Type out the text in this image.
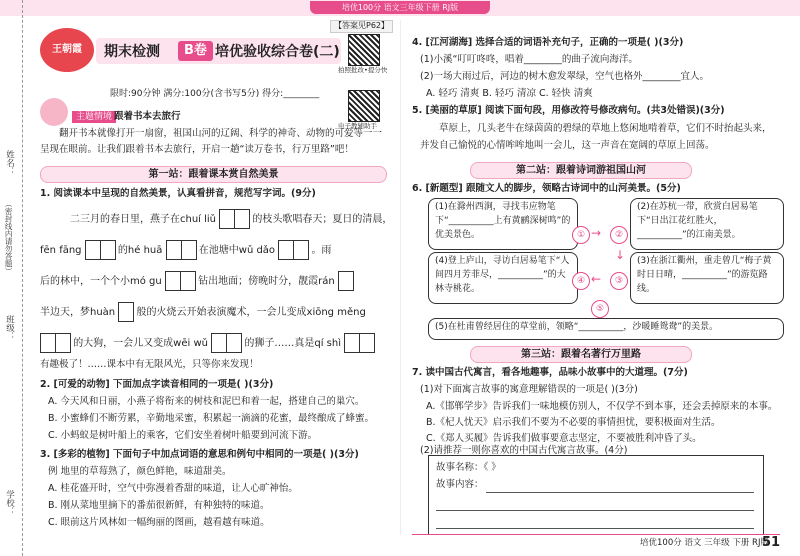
培优100分 语文三年级下册 RJ版
姓名：
（密封线内请勿答题）
班级：
学校：
【答案见P62】
王朝霞	期末检测	B卷 培优验收综合卷(二)
拍照批改•提分快
电子教辅助手
限时:90分钟 满分:100分(含书写5分) 得分:________
主题情境 跟着书本去旅行
翻开书本就像打开一扇窗，祖国山河的辽阔、科学的神奇、动物的可爱等一一呈现在眼前。让我们跟着书本去旅行，开启一趟“读万卷书，行万里路”吧！
第一站：跟着课本赏自然美景
1. 阅读课本中呈现的自然美景，认真看拼音，规范写字词。(9分)
二三月的春日里，燕子在chuí liǔ	的枝头歌唱春天；夏日的清晨，
fēn fāng	的hé huā	在池塘中wǔ dǎo	。雨
后的林中，一个个小mó gu	钻出地面；傍晚时分，靓霞rán
半边天，梦huàn 般的火烧云开始表演魔术，一会儿变成xiōng měng
的大狗，一会儿又变成wēi wǔ	的狮子……真是qí shì
有趣极了！……课本中有无限风光，只等你来发现！
2. [可爱的动物] 下面加点字读音相同的一项是( )(3分)
A. 今天风和日丽，小燕子将衔来的树枝和泥巴和着一起，搭建自己的巢穴。
B. 小蜜蜂们不断劳累，辛勤地采蜜，积累起一滴滴的花蜜，最终酿成了蜂蜜。
C. 小蚂蚁是树叶船上的乘客，它们安坐着树叶船要到河流下游。
3. [多彩的植物] 下面句子中加点词语的意思和例句中相同的一项是( )(3分)
例 地里的草莓熟了，颜色鲜艳，味道甜美。
A. 桂花盛开时，空气中弥漫着香甜的味道，让人心旷神怡。
B. 刚从菜地里摘下的番茄很新鲜，有种独特的味道。
C. 眼前这片风林如一幅绚丽的图画，越看越有味道。
4. [江河湖海] 选择合适的词语补充句子，正确的一项是( )(3分)
(1)小溪“叮叮咚咚，唱着________的曲子流向海洋。
(2)一场大雨过后，河边的树木愈发翠绿，空气也格外________宜人。
A. 轻巧 清爽 B. 轻巧 清凉 C. 轻快 清爽
5. [美丽的草原] 阅读下面句段，用修改符号修改病句。(共3处错误)(3分)
草原上，几头老牛在绿茵茵的碧绿的草地上悠闲地啃着草，它们不时抬起头来，并发自己愉悦的心情哞哞地叫一会儿，这一声音在宽阔的草原上回荡。
第二站：跟着诗词游祖国山河
6. [新题型] 跟随文人的脚步，领略古诗词中的山河美景。(5分)
(1)在滁州西涧，寻找韦应物笔下“__________上有黄鹂深树鸣”的优美景色。
(2)在苏杭一带，欣赏白居易笔下“日出江花红胜火，__________”的江南美景。
(4)登上庐山，寻访白居易笔下“人间四月芳菲尽，__________”的大林寺桃花。
(3)在浙江衢州，重走曾几“梅子黄时日日晴，__________”的游览路线。
(5)在杜甫曾经居住的草堂前，领略“__________，沙暖睡鸳鸯”的美景。
①	②
③
④
⑤
→
←
↓
第三站：跟着名著行万里路
7. 读中国古代寓言，看各地趣事，品味小故事中的大道理。(7分)
(1)对下面寓言故事的寓意理解错误的一项是( )(3分)
A.《邯郸学步》告诉我们一味地模仿别人，不仅学不到本事，还会丢掉原来的本事。
B.《杞人忧天》启示我们不要为不必要的事情担忧，要积极面对生活。
C.《郑人买履》告诉我们做事要意志坚定，不要被胜利冲昏了头。
(2)请推荐一则你喜欢的中国古代寓言故事。(4分)
故事名称：《 》
故事内容：
培优100分 语文 三年级 下册 RJ版
51
